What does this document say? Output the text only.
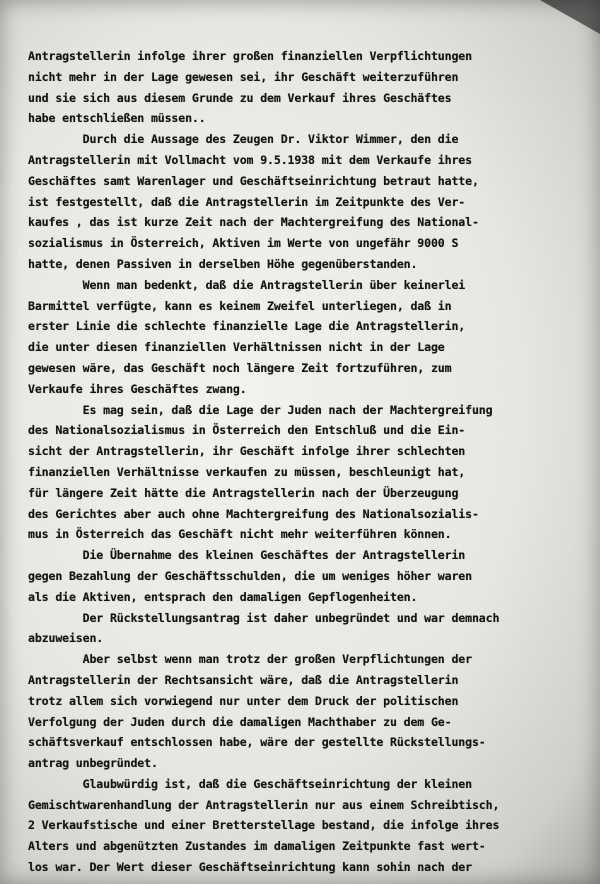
Antragstellerin infolge ihrer großen finanziellen Verpflichtungen
nicht mehr in der Lage gewesen sei, ihr Geschäft weiterzuführen
und sie sich aus diesem Grunde zu dem Verkauf ihres Geschäftes
habe entschließen müssen..
Durch die Aussage des Zeugen Dr. Viktor Wimmer, den die
Antragstellerin mit Vollmacht vom 9.5.1938 mit dem Verkaufe ihres
Geschäftes samt Warenlager und Geschäftseinrichtung betraut hatte,
ist festgestellt, daß die Antragstellerin im Zeitpunkte des Ver-
kaufes , das ist kurze Zeit nach der Machtergreifung des National-
sozialismus in Österreich, Aktiven im Werte von ungefähr 9000 S
hatte, denen Passiven in derselben Höhe gegenüberstanden.
Wenn man bedenkt, daß die Antragstellerin über keinerlei
Barmittel verfügte, kann es keinem Zweifel unterliegen, daß in
erster Linie die schlechte finanzielle Lage die Antragstellerin,
die unter diesen finanziellen Verhältnissen nicht in der Lage
gewesen wäre, das Geschäft noch längere Zeit fortzuführen, zum
Verkaufe ihres Geschäftes zwang.
Es mag sein, daß die Lage der Juden nach der Machtergreifung
des Nationalsozialismus in Österreich den Entschluß und die Ein-
sicht der Antragstellerin, ihr Geschäft infolge ihrer schlechten
finanziellen Verhältnisse verkaufen zu müssen, beschleunigt hat,
für längere Zeit hätte die Antragstellerin nach der Überzeugung
des Gerichtes aber auch ohne Machtergreifung des Nationalsozialis-
mus in Österreich das Geschäft nicht mehr weiterführen können.
Die Übernahme des kleinen Geschäftes der Antragstellerin
gegen Bezahlung der Geschäftsschulden, die um weniges höher waren
als die Aktiven, entsprach den damaligen Gepflogenheiten.
Der Rückstellungsantrag ist daher unbegründet und war demnach
abzuweisen.
Aber selbst wenn man trotz der großen Verpflichtungen der
Antragstellerin der Rechtsansicht wäre, daß die Antragstellerin
trotz allem sich vorwiegend nur unter dem Druck der politischen
Verfolgung der Juden durch die damaligen Machthaber zu dem Ge-
schäftsverkauf entschlossen habe, wäre der gestellte Rückstellungs-
antrag unbegründet.
Glaubwürdig ist, daß die Geschäftseinrichtung der kleinen
Gemischtwarenhandlung der Antragstellerin nur aus einem Schreibtisch,
2 Verkaufstische und einer Bretterstellage bestand, die infolge ihres
Alters und abgenützten Zustandes im damaligen Zeitpunkte fast wert-
los war. Der Wert dieser Geschäftseinrichtung kann sohin nach der
